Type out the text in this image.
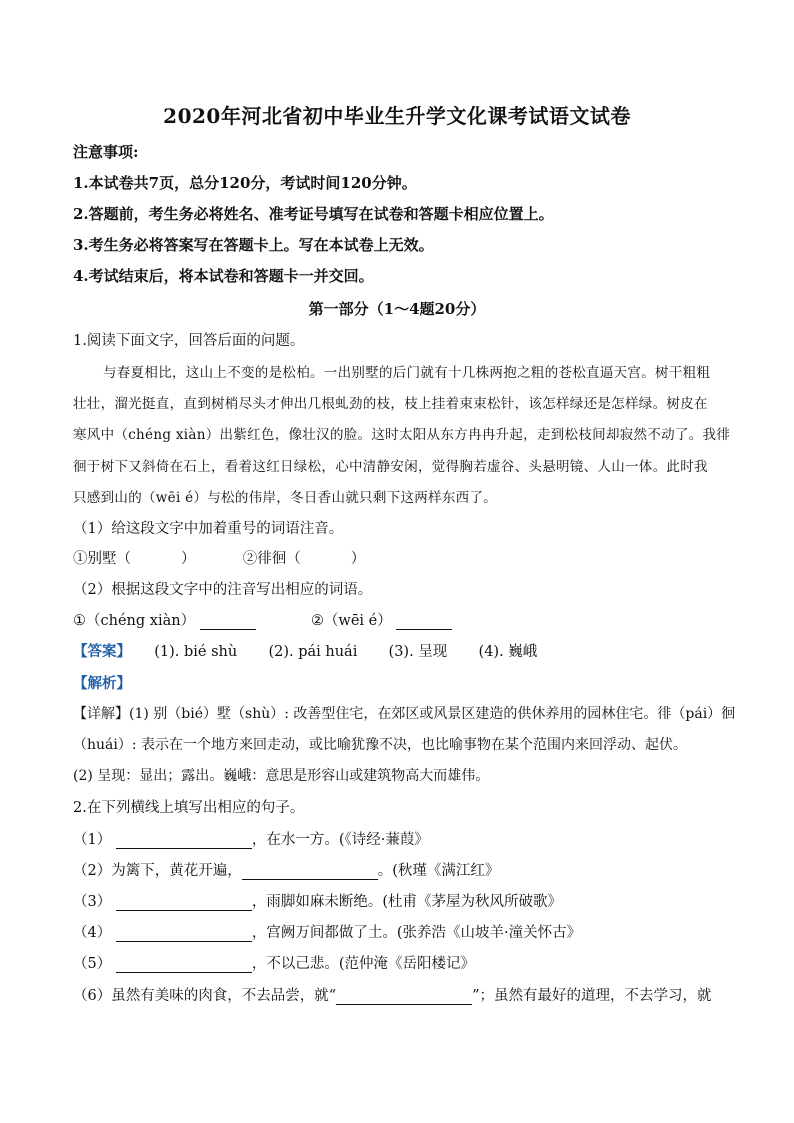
2020年河北省初中毕业生升学文化课考试语文试卷
注意事项:
1.本试卷共7页，总分120分，考试时间120分钟。
2.答题前，考生务必将姓名、准考证号填写在试卷和答题卡相应位置上。
3.考生务必将答案写在答题卡上。写在本试卷上无效。
4.考试结束后，将本试卷和答题卡一并交回。
第一部分（1～4题20分）
1.阅读下面文字，回答后面的问题。
与春夏相比，这山上不变的是松柏。一出别墅的后门就有十几株两抱之粗的苍松直逼天宫。树干粗粗
壮壮，溜光挺直，直到树梢尽头才伸出几根虬劲的枝，枝上挂着束束松针，该怎样绿还是怎样绿。树皮在
寒风中（chéng xiàn）出紫红色，像壮汉的脸。这时太阳从东方冉冉升起，走到松枝间却寂然不动了。我徘
徊于树下又斜倚在石上，看着这红日绿松，心中清静安闲，觉得胸若虚谷、头悬明镜、人山一体。此时我
只感到山的（wēi é）与松的伟岸，冬日香山就只剩下这两样东西了。
（1）给这段文字中加着重号的词语注音。
①别墅（	）	②徘徊（	）
（2）根据这段文字中的注音写出相应的词语。
①（chéng xiàn）	②（wēi é）
【答案】 (1). bié shù (2). pái huái (3). 呈现 (4). 巍峨
【解析】
【详解】(1) 别（bié）墅（shù）: 改善型住宅，在郊区或风景区建造的供休养用的园林住宅。徘（pái）徊
（huái）: 表示在一个地方来回走动，或比喻犹豫不决，也比喻事物在某个范围内来回浮动、起伏。
(2) 呈现：显出；露出。巍峨：意思是形容山或建筑物高大而雄伟。
2.在下列横线上填写出相应的句子。
（1）	，在水一方。(《诗经·蒹葭》
（2）为篱下，黄花开遍，	。(秋瑾《满江红》
（3）	，雨脚如麻未断绝。(杜甫《茅屋为秋风所破歌》
（4）	，宫阙万间都做了土。(张养浩《山坡羊·潼关怀古》
（5）	，不以己悲。(范仲淹《岳阳楼记》
（6）虽然有美味的肉食，不去品尝，就“	”；虽然有最好的道理，不去学习，就
